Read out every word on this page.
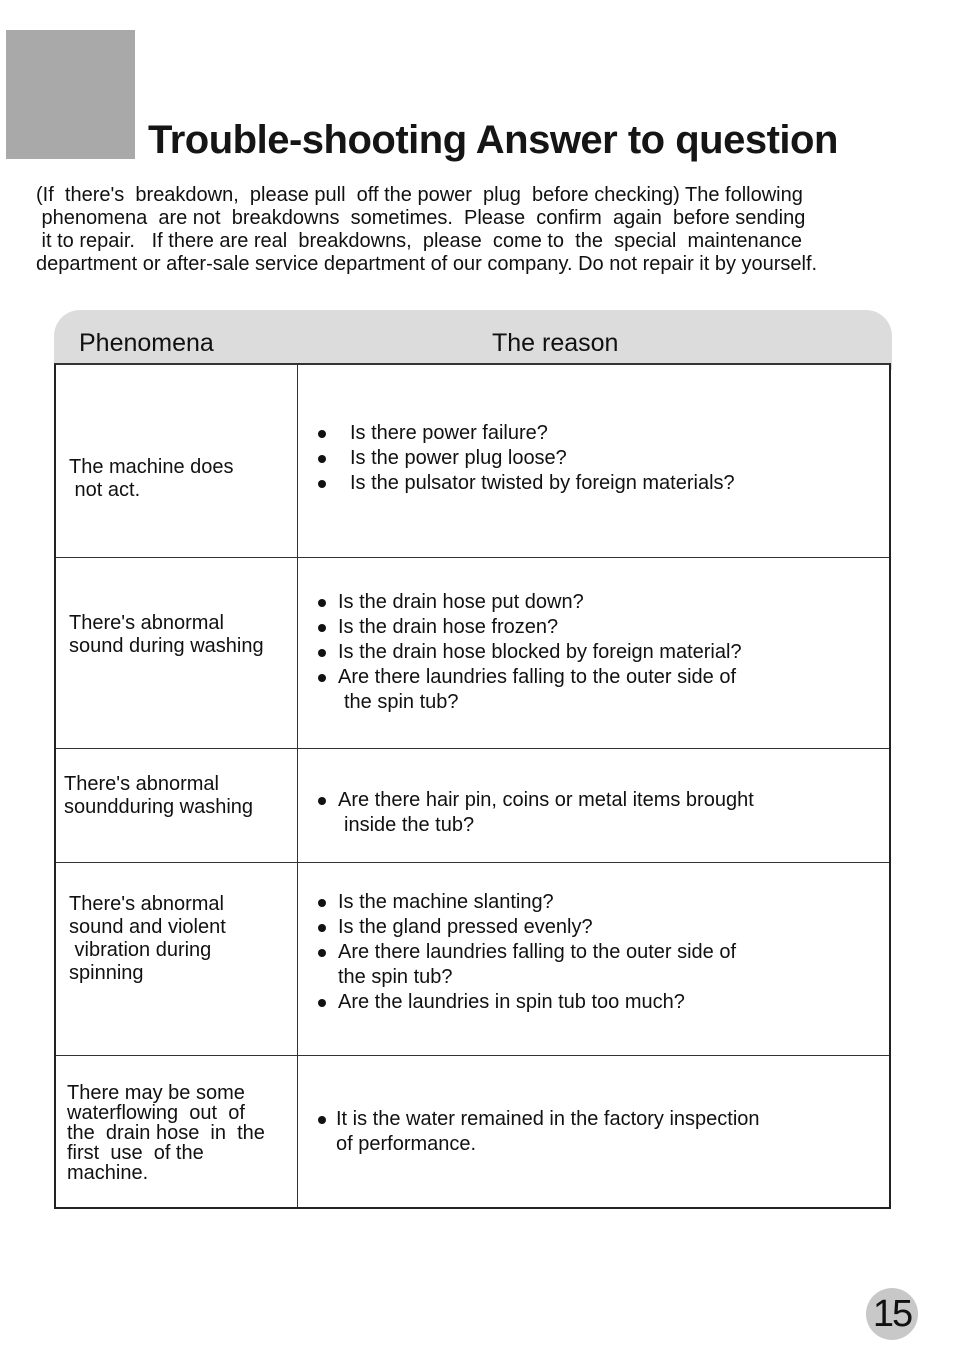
Trouble-shooting Answer to question
(If  there's  breakdown,  please pull  off the power  plug  before checking) The following
phenomena  are not  breakdowns  sometimes.  Please  confirm  again  before sending
it to repair.   If there are real  breakdowns,  please  come to  the  special  maintenance
department or after-sale service department of our company. Do not repair it by yourself.
Phenomena	The reason
The machine does
not act.
Is there power failure?
Is the power plug loose?
Is the pulsator twisted by foreign materials?
There's abnormal
sound during washing
Is the drain hose put down?
Is the drain hose frozen?
Is the drain hose blocked by foreign material?
Are there laundries falling to the outer side of
the spin tub?
There's abnormal
soundduring washing	Are there hair pin, coins or metal items brought
inside the tub?
There's abnormal
sound and violent
vibration during
spinning
Is the machine slanting?
Is the gland pressed evenly?
Are there laundries falling to the outer side of
the spin tub?
Are the laundries in spin tub too much?
There may be some
waterflowing  out  of
the  drain hose  in  the
first  use  of the
machine.
It is the water remained in the factory inspection
of performance.
15
